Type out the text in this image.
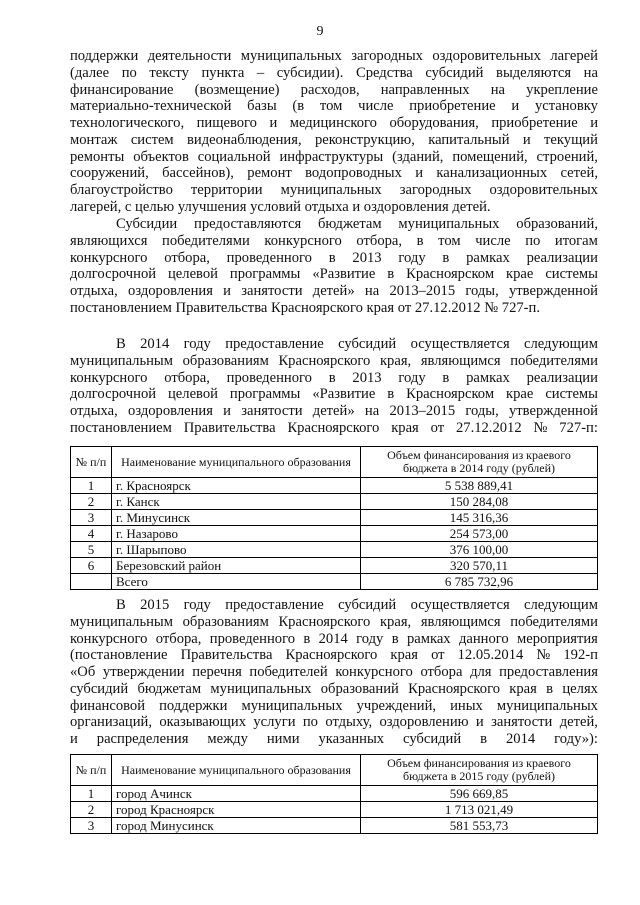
9
поддержки деятельности муниципальных загородных оздоровительных лагерей
(далее по тексту пункта – субсидии). Средства субсидий выделяются на
финансирование (возмещение) расходов, направленных на укрепление
материально-технической базы (в том числе приобретение и установку
технологического, пищевого и медицинского оборудования, приобретение и
монтаж систем видеонаблюдения, реконструкцию, капитальный и текущий
ремонты объектов социальной инфраструктуры (зданий, помещений, строений,
сооружений, бассейнов), ремонт водопроводных и канализационных сетей,
благоустройство территории муниципальных загородных оздоровительных
лагерей, с целью улучшения условий отдыха и оздоровления детей.
Субсидии предоставляются бюджетам муниципальных образований,
являющихся победителями конкурсного отбора, в том числе по итогам
конкурсного отбора, проведенного в 2013 году в рамках реализации
долгосрочной целевой программы «Развитие в Красноярском крае системы
отдыха, оздоровления и занятости детей» на 2013–2015 годы, утвержденной
постановлением Правительства Красноярского края от 27.12.2012 № 727-п.
В 2014 году предоставление субсидий осуществляется следующим
муниципальным образованиям Красноярского края, являющимся победителями
конкурсного отбора, проведенного в 2013 году в рамках реализации
долгосрочной целевой программы «Развитие в Красноярском крае системы
отдыха, оздоровления и занятости детей» на 2013–2015 годы, утвержденной
постановлением Правительства Красноярского края от 27.12.2012 № 727-п:
№ п/п	Наименование муниципального образования	Объем финансирования из краевого бюджета в 2014 году (рублей)
1	г. Красноярск	5 538 889,41
2	г. Канск	150 284,08
3	г. Минусинск	145 316,36
4	г. Назарово	254 573,00
5	г. Шарыпово	376 100,00
6	Березовский район	320 570,11
	Всего	6 785 732,96
В 2015 году предоставление субсидий осуществляется следующим
муниципальным образованиям Красноярского края, являющимся победителями
конкурсного отбора, проведенного в 2014 году в рамках данного мероприятия
(постановление Правительства Красноярского края от 12.05.2014 № 192-п
«Об утверждении перечня победителей конкурсного отбора для предоставления
субсидий бюджетам муниципальных образований Красноярского края в целях
финансовой поддержки муниципальных учреждений, иных муниципальных
организаций, оказывающих услуги по отдыху, оздоровлению и занятости детей,
и распределения между ними указанных субсидий в 2014 году»):
№ п/п	Наименование муниципального образования	Объем финансирования из краевого бюджета в 2015 году (рублей)
1	город Ачинск	596 669,85
2	город Красноярск	1 713 021,49
3	город Минусинск	581 553,73
